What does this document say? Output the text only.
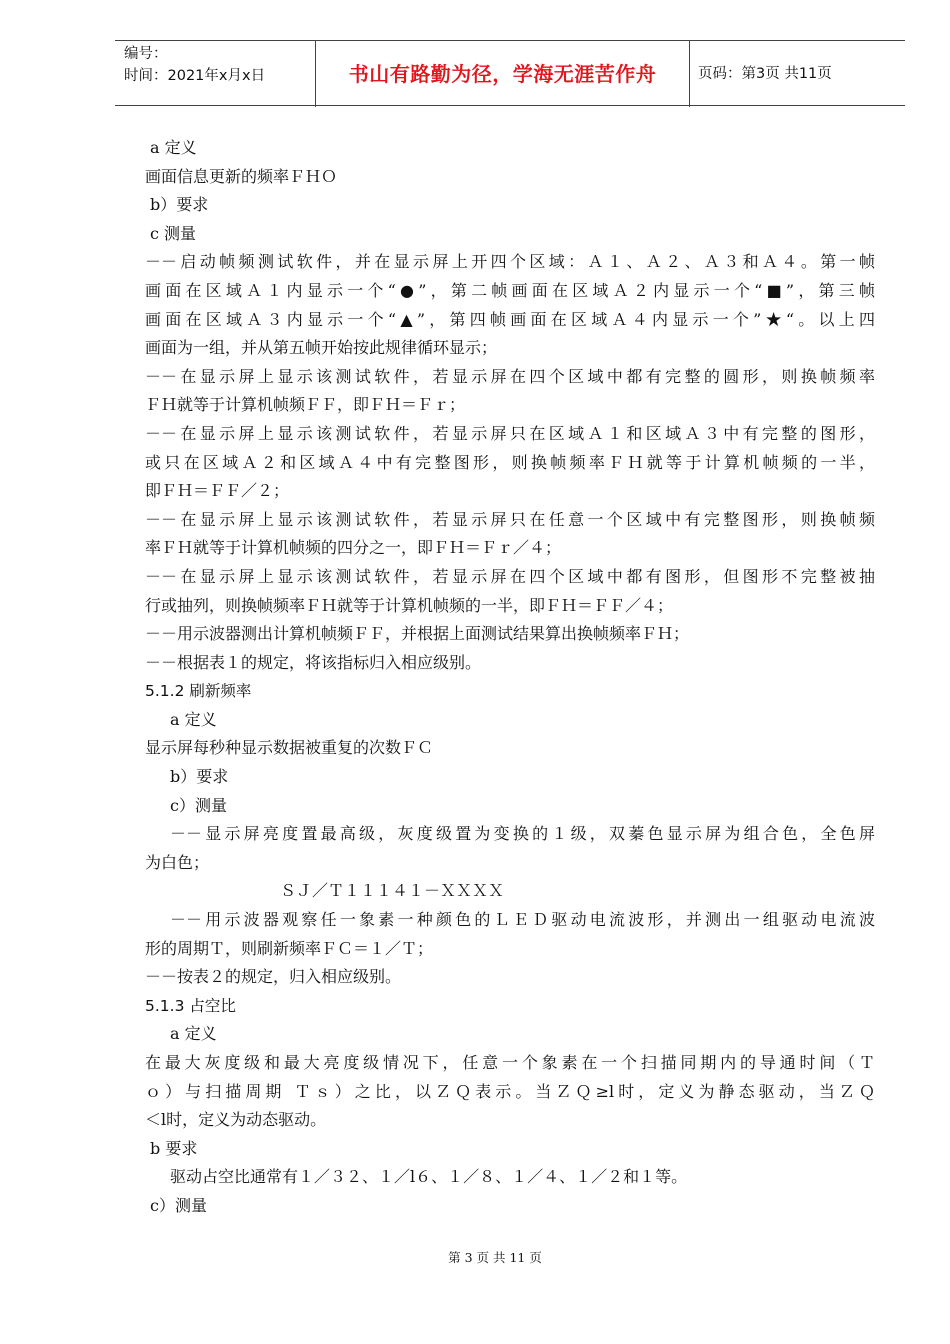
编号：
时间：2021年x月x日	书山有路勤为径，学海无涯苦作舟	页码：第3页 共11页
a 定义
画面信息更新的频率ＦＨＯ
b）要求
c 测量
－－启动帧频测试软件，并在显示屏上开四个区域：Ａ１、Ａ２、Ａ３和Ａ４。第一帧
画面在区域Ａ１内显示一个“●”，第二帧画面在区域Ａ２内显示一个“■”，第三帧
画面在区域Ａ３内显示一个“▲”，第四帧画面在区域Ａ４内显示一个”★“。以上四
画面为一组，并从第五帧开始按此规律循环显示；
－－在显示屏上显示该测试软件，若显示屏在四个区域中都有完整的圆形，则换帧频率
ＦＨ就等于计算机帧频ＦＦ，即ＦＨ＝Ｆｒ；
－－在显示屏上显示该测试软件，若显示屏只在区域Ａ１和区域Ａ３中有完整的图形，
或只在区域Ａ２和区域Ａ４中有完整图形，则换帧频率ＦＨ就等于计算机帧频的一半，
即ＦＨ＝ＦＦ／２；
－－在显示屏上显示该测试软件，若显示屏只在任意一个区域中有完整图形，则换帧频
率ＦＨ就等于计算机帧频的四分之一，即ＦＨ＝Ｆｒ／４；
－－在显示屏上显示该测试软件，若显示屏在四个区域中都有图形，但图形不完整被抽
行或抽列，则换帧频率ＦＨ就等于计算机帧频的一半，即ＦＨ＝ＦＦ／４；
－－用示波器测出计算机帧频ＦＦ，并根据上面测试结果算出换帧频率ＦＨ；
－－根据表１的规定，将该指标归入相应级别。
5.1.2 刷新频率
a 定义
显示屏每秒种显示数据被重复的次数ＦＣ
b）要求
c）测量
－－显示屏亮度置最高级，灰度级置为变换的１级，双蓁色显示屏为组合色，全色屏
为白色；
ＳＪ／Ｔ１１１４１－ＸＸＸＸ
－－用示波器观察任一象素一种颜色的ＬＥＤ驱动电流波形，并测出一组驱动电流波
形的周期Ｔ，则刷新频率ＦＣ＝１／Ｔ；
－－按表２的规定，归入相应级别。
5.1.3 占空比
a 定义
在最大灰度级和最大亮度级情况下，任意一个象素在一个扫描同期内的导通时间（Ｔ
ｏ）与扫描周期 Ｔｓ）之比，以ＺＱ表示。当ＺＱ≥l时，定义为静态驱动，当ＺＱ
＜l时，定义为动态驱动。
b 要求
驱动占空比通常有１／３２、１／l６、１／８、１／４、１／２和１等。
c）测量
第 3 页 共 11 页
